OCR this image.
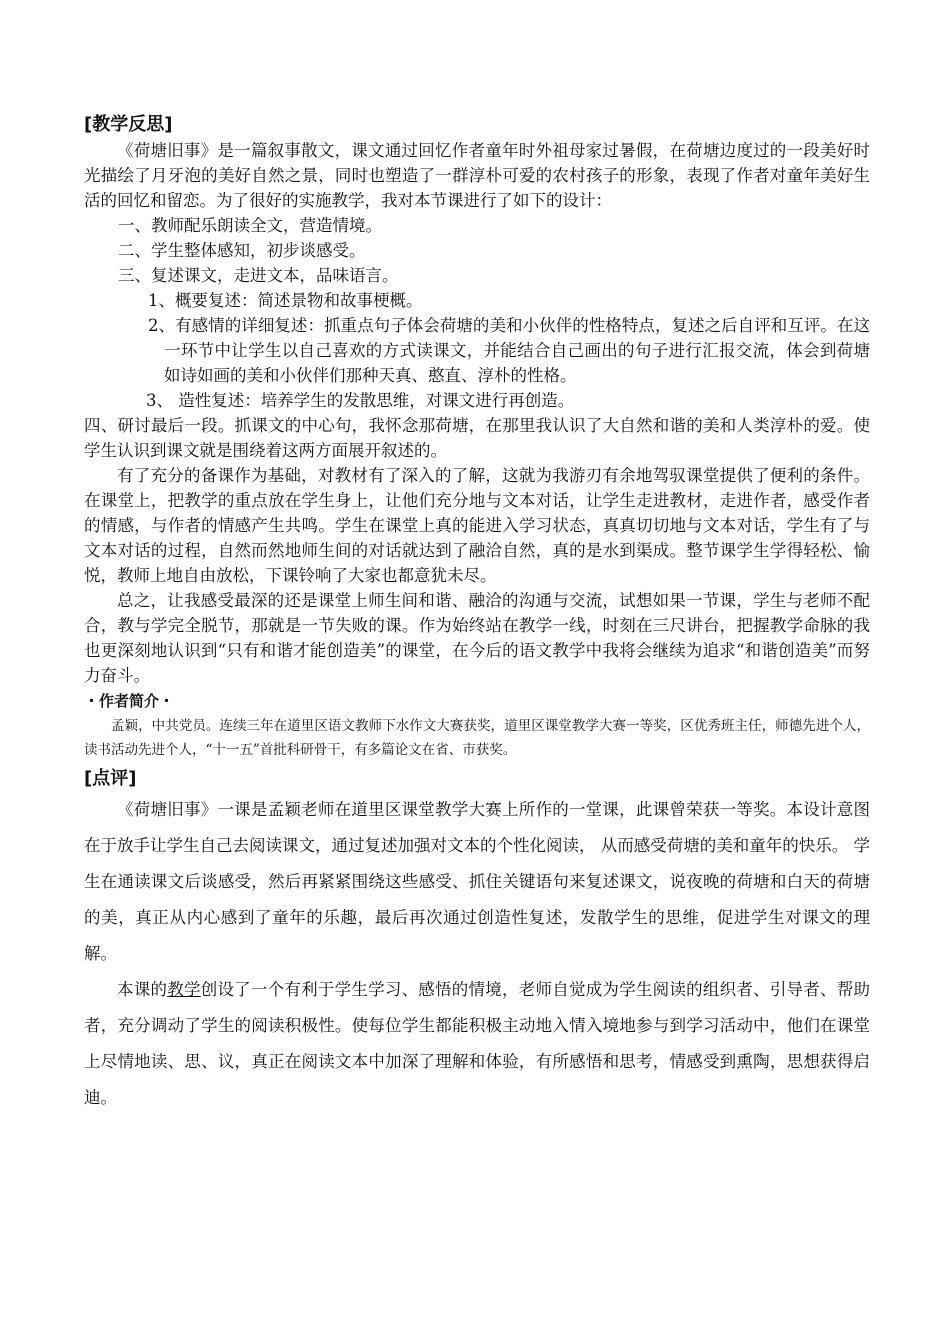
[教学反思]

《荷塘旧事》是一篇叙事散文，课文通过回忆作者童年时外祖母家过暑假，在荷塘边度过的一段美好时光描绘了月牙泡的美好自然之景，同时也塑造了一群淳朴可爱的农村孩子的形象，表现了作者对童年美好生活的回忆和留恋。为了很好的实施教学，我对本节课进行了如下的设计：

一、教师配乐朗读全文，营造情境。

二、学生整体感知，初步谈感受。

三、复述课文，走进文本，品味语言。

1、概要复述：简述景物和故事梗概。

2、有感情的详细复述：抓重点句子体会荷塘的美和小伙伴的性格特点，复述之后自评和互评。在这一环节中让学生以自己喜欢的方式读课文，并能结合自己画出的句子进行汇报交流，体会到荷塘如诗如画的美和小伙伴们那种天真、憨直、淳朴的性格。

3、 造性复述：培养学生的发散思维，对课文进行再创造。

四、研讨最后一段。抓课文的中心句，我怀念那荷塘，在那里我认识了大自然和谐的美和人类淳朴的爱。使学生认识到课文就是围绕着这两方面展开叙述的。

有了充分的备课作为基础，对教材有了深入的了解，这就为我游刃有余地驾驭课堂提供了便利的条件。在课堂上，把教学的重点放在学生身上，让他们充分地与文本对话，让学生走进教材，走进作者，感受作者的情感，与作者的情感产生共鸣。学生在课堂上真的能进入学习状态，真真切切地与文本对话，学生有了与文本对话的过程，自然而然地师生间的对话就达到了融洽自然，真的是水到渠成。整节课学生学得轻松、愉悦，教师上地自由放松，下课铃响了大家也都意犹未尽。

总之，让我感受最深的还是课堂上师生间和谐、融洽的沟通与交流，试想如果一节课，学生与老师不配合，教与学完全脱节，那就是一节失败的课。作为始终站在教学一线，时刻在三尺讲台，把握教学命脉的我也更深刻地认识到“只有和谐才能创造美”的课堂，在今后的语文教学中我将会继续为追求“和谐创造美”而努力奋斗。

・作者简介・

孟颖，中共党员。连续三年在道里区语文教师下水作文大赛获奖，道里区课堂教学大赛一等奖，区优秀班主任，师德先进个人，读书活动先进个人，“十一五”首批科研骨干，有多篇论文在省、市获奖。

[点评]

《荷塘旧事》一课是孟颖老师在道里区课堂教学大赛上所作的一堂课，此课曾荣获一等奖。本设计意图在于放手让学生自己去阅读课文，通过复述加强对文本的个性化阅读， 从而感受荷塘的美和童年的快乐。 学生在通读课文后谈感受，然后再紧紧围绕这些感受、抓住关键语句来复述课文，说夜晚的荷塘和白天的荷塘的美，真正从内心感到了童年的乐趣，最后再次通过创造性复述，发散学生的思维，促进学生对课文的理解。

本课的教学创设了一个有利于学生学习、感悟的情境，老师自觉成为学生阅读的组织者、引导者、帮助者，充分调动了学生的阅读积极性。使每位学生都能积极主动地入情入境地参与到学习活动中，他们在课堂上尽情地读、思、议，真正在阅读文本中加深了理解和体验，有所感悟和思考，情感受到熏陶，思想获得启迪。
